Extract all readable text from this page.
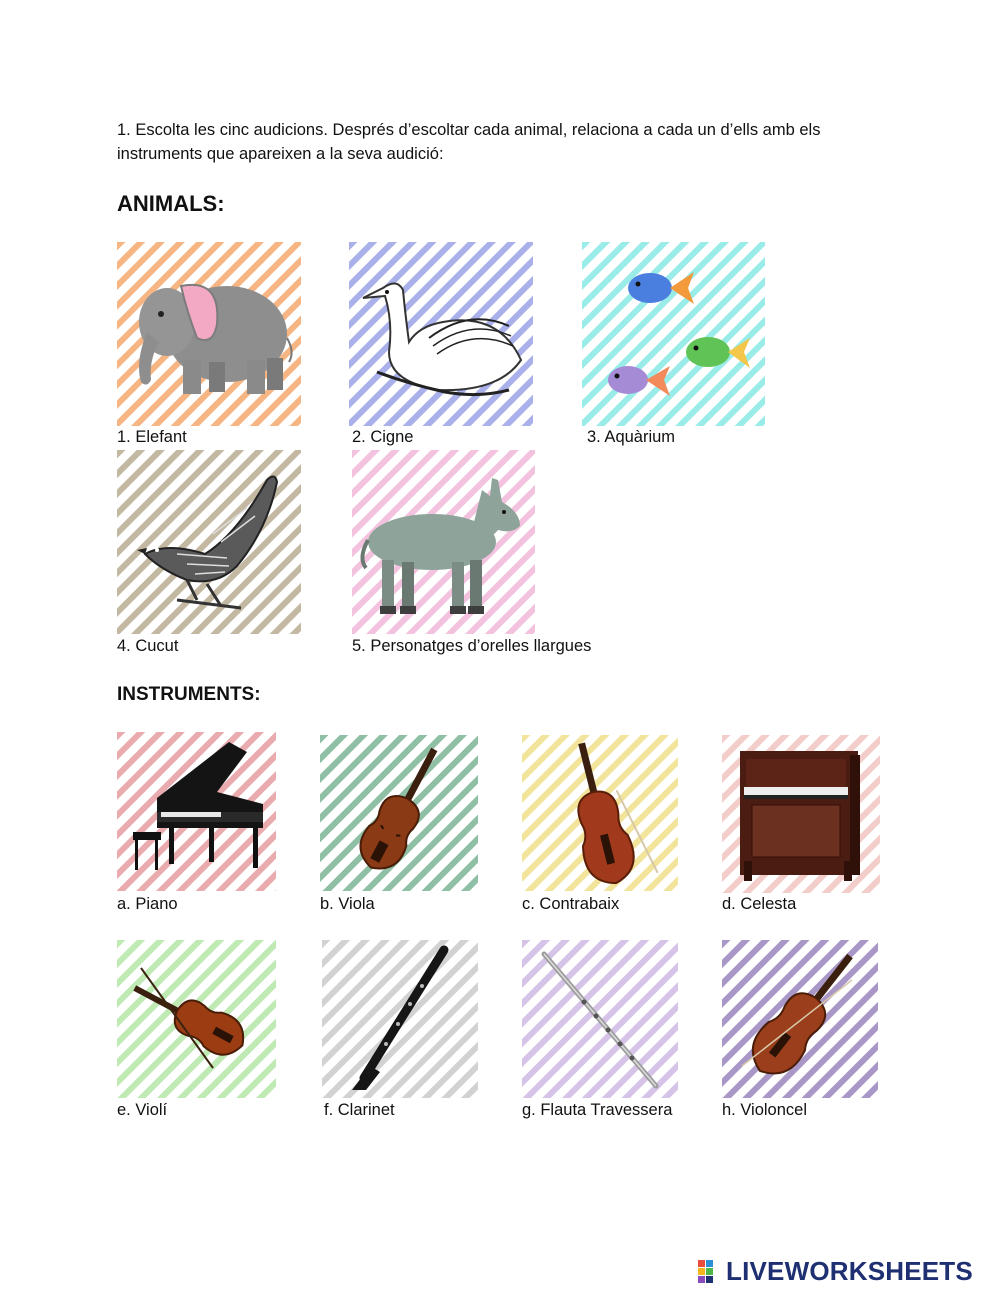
1. Escolta les cinc audicions. Després d’escoltar cada animal, relaciona a cada un d’ells amb els instruments que apareixen a la seva audició:
ANIMALS:
1. Elefant	2. Cigne	3. Aquàrium
4. Cucut	5. Personatges d’orelles llargues
INSTRUMENTS:
a. Piano	b. Viola	c. Contrabaix	d. Celesta
e. Violí	f. Clarinet	g. Flauta Travessera	h. Violoncel
LIVEWORKSHEETS
